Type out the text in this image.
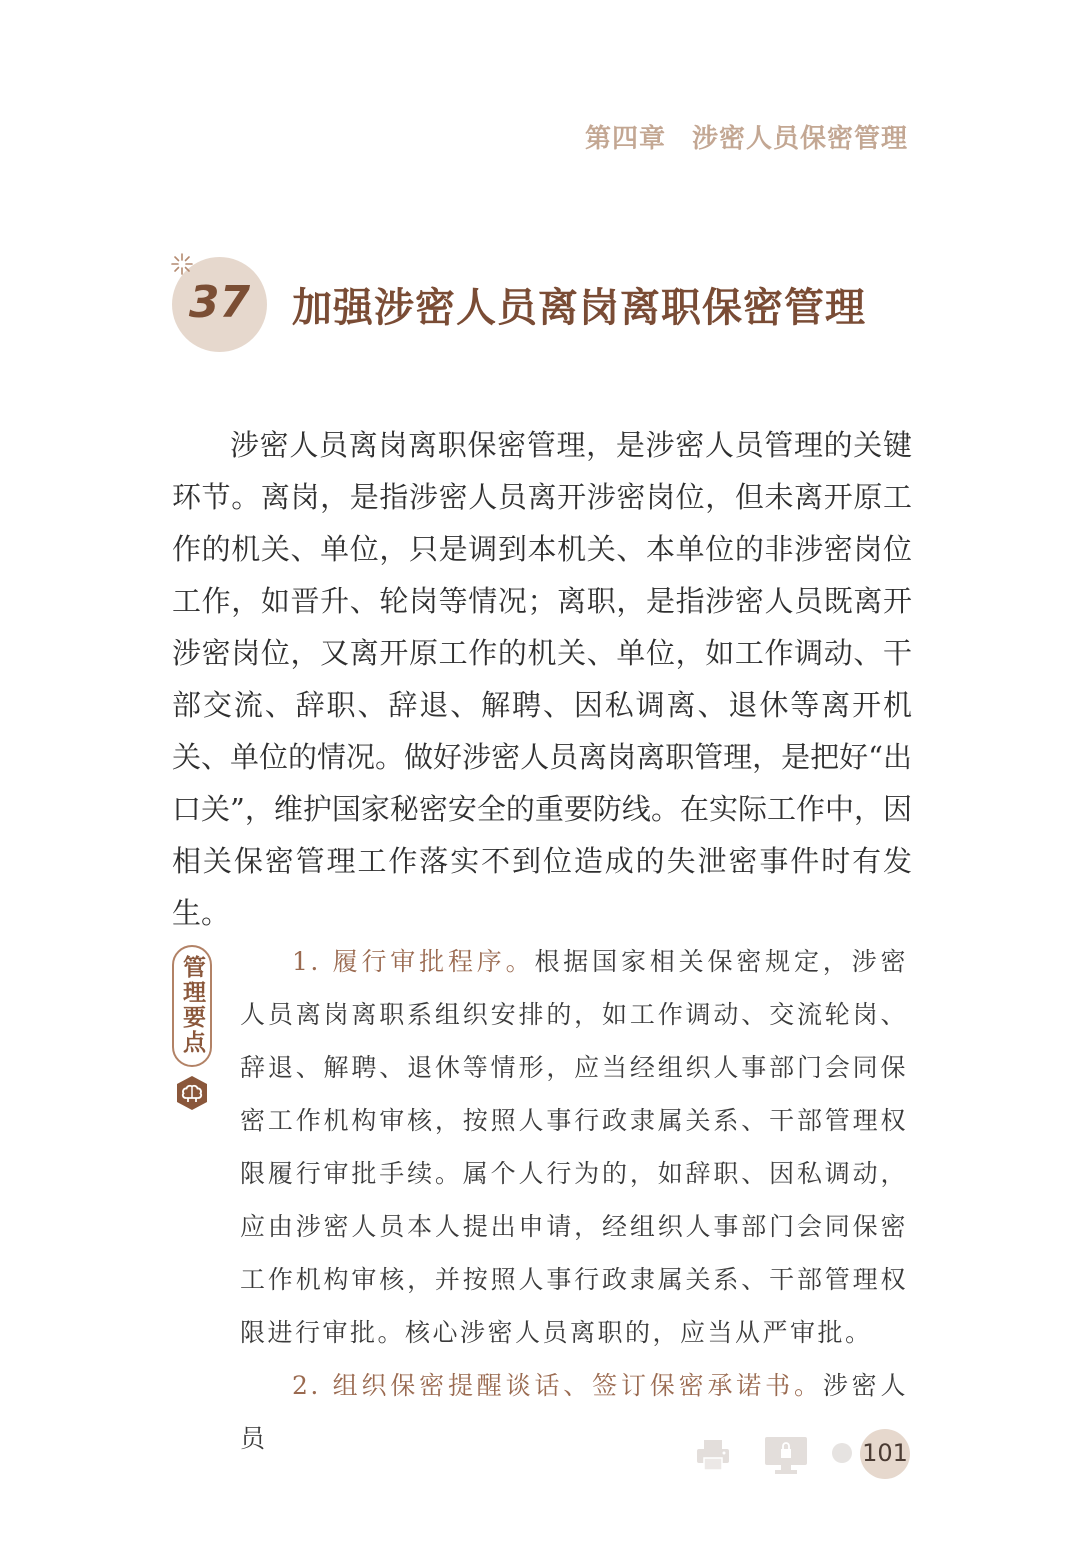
第四章 涉密人员保密管理
37	加强涉密人员离岗离职保密管理

涉密人员离岗离职保密管理，是涉密人员管理的关键环节。离岗，是指涉密人员离开涉密岗位，但未离开原工作的机关、单位，只是调到本机关、本单位的非涉密岗位工作，如晋升、轮岗等情况；离职，是指涉密人员既离开涉密岗位，又离开原工作的机关、单位，如工作调动、干部交流、辞职、辞退、解聘、因私调离、退休等离开机关、单位的情况。做好涉密人员离岗离职管理，是把好“出口关”，维护国家秘密安全的重要防线。在实际工作中，因相关保密管理工作落实不到位造成的失泄密事件时有发生。

管理要点	1. 履行审批程序。根据国家相关保密规定，涉密人员离岗离职系组织安排的，如工作调动、交流轮岗、辞退、解聘、退休等情形，应当经组织人事部门会同保密工作机构审核，按照人事行政隶属关系、干部管理权限履行审批手续。属个人行为的，如辞职、因私调动，应由涉密人员本人提出申请，经组织人事部门会同保密工作机构审核，并按照人事行政隶属关系、干部管理权限进行审批。核心涉密人员离职的，应当从严审批。

2. 组织保密提醒谈话、签订保密承诺书。涉密人员	101
